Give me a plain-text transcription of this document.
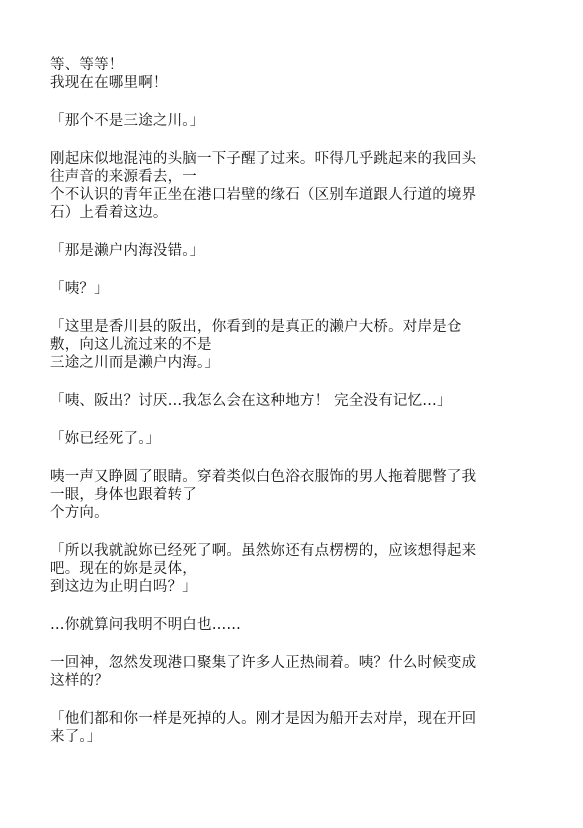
等、等等！
我现在在哪里啊！
「那个不是三途之川。」
刚起床似地混沌的头脑一下子醒了过来。吓得几乎跳起来的我回头
往声音的来源看去，一
个不认识的青年正坐在港口岩壁的缘石（区别车道跟人行道的境界
石）上看着这边。
「那是濑户内海没错。」
「咦？」
「这里是香川县的阪出，你看到的是真正的濑户大桥。对岸是仓
敷，向这儿流过来的不是
三途之川而是濑户内海。」
「咦、阪出？讨厌…我怎么会在这种地方！ 完全没有记忆…」
「妳已经死了。」
咦一声又睁圆了眼睛。穿着类似白色浴衣服饰的男人拖着腮瞥了我
一眼，身体也跟着转了
个方向。
「所以我就說妳已经死了啊。虽然妳还有点楞楞的，应该想得起来
吧。现在的妳是灵体，
到这边为止明白吗？」
…你就算问我明不明白也……
一回神，忽然发现港口聚集了许多人正热闹着。咦？什么时候变成
这样的？
「他们都和你一样是死掉的人。刚才是因为船开去对岸，现在开回
来了。」
